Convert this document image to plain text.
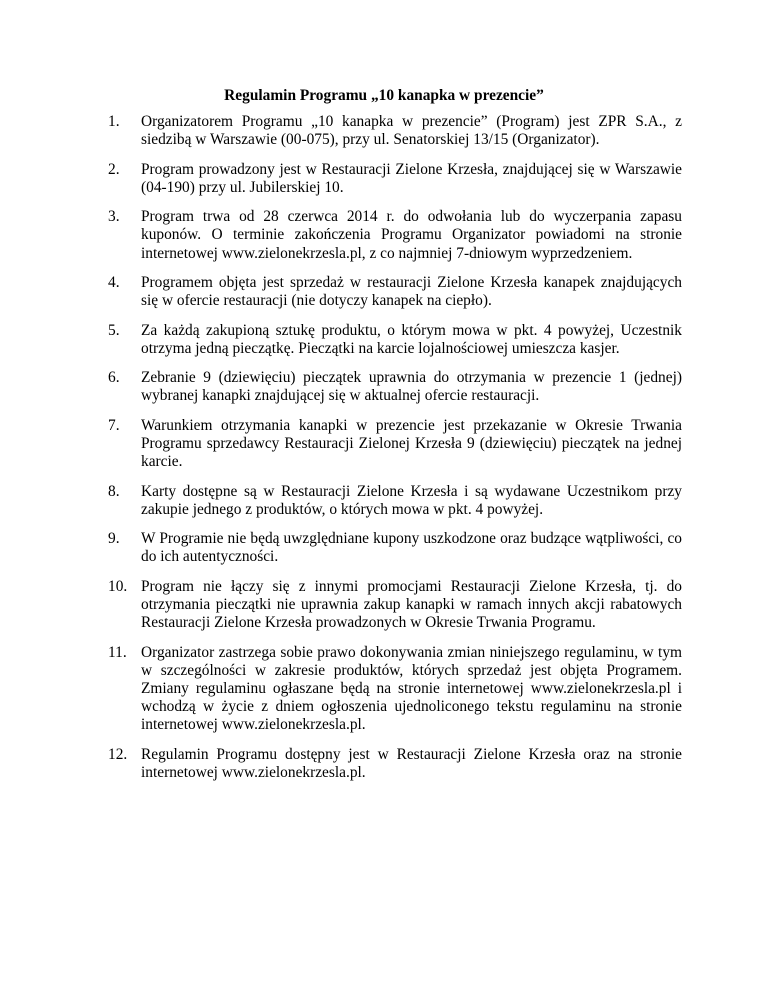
Regulamin Programu „10 kanapka w prezencie”
1.	Organizatorem Programu „10 kanapka w prezencie” (Program) jest ZPR S.A., z siedzibą w Warszawie (00-075), przy ul. Senatorskiej 13/15 (Organizator).
2.	Program prowadzony jest w Restauracji Zielone Krzesła, znajdującej się w Warszawie (04-190) przy ul. Jubilerskiej 10.
3.	Program trwa od 28 czerwca 2014 r. do odwołania lub do wyczerpania zapasu kuponów. O terminie zakończenia Programu Organizator powiadomi na stronie internetowej www.zielonekrzesla.pl, z co najmniej 7-dniowym wyprzedzeniem.
4.	Programem objęta jest sprzedaż w restauracji Zielone Krzesła kanapek znajdujących się w ofercie restauracji (nie dotyczy kanapek na ciepło).
5.	Za każdą zakupioną sztukę produktu, o którym mowa w pkt. 4 powyżej, Uczestnik otrzyma jedną pieczątkę. Pieczątki na karcie lojalnościowej umieszcza kasjer.
6.	Zebranie 9 (dziewięciu) pieczątek uprawnia do otrzymania w prezencie 1 (jednej) wybranej kanapki znajdującej się w aktualnej ofercie restauracji.
7.	Warunkiem otrzymania kanapki w prezencie jest przekazanie w Okresie Trwania Programu sprzedawcy Restauracji Zielonej Krzesła 9 (dziewięciu) pieczątek na jednej karcie.
8.	Karty dostępne są w Restauracji Zielone Krzesła i są wydawane Uczestnikom przy zakupie jednego z produktów, o których mowa w pkt. 4 powyżej.
9.	W Programie nie będą uwzględniane kupony uszkodzone oraz budzące wątpliwości, co do ich autentyczności.
10. Program nie łączy się z innymi promocjami Restauracji Zielone Krzesła, tj. do otrzymania pieczątki nie uprawnia zakup kanapki w ramach innych akcji rabatowych Restauracji Zielone Krzesła prowadzonych w Okresie Trwania Programu.
11. Organizator zastrzega sobie prawo dokonywania zmian niniejszego regulaminu, w tym w szczególności w zakresie produktów, których sprzedaż jest objęta Programem. Zmiany regulaminu ogłaszane będą na stronie internetowej www.zielonekrzesla.pl i wchodzą w życie z dniem ogłoszenia ujednoliconego tekstu regulaminu na stronie internetowej www.zielonekrzesla.pl.
12. Regulamin Programu dostępny jest w Restauracji Zielone Krzesła oraz na stronie internetowej www.zielonekrzesla.pl.
